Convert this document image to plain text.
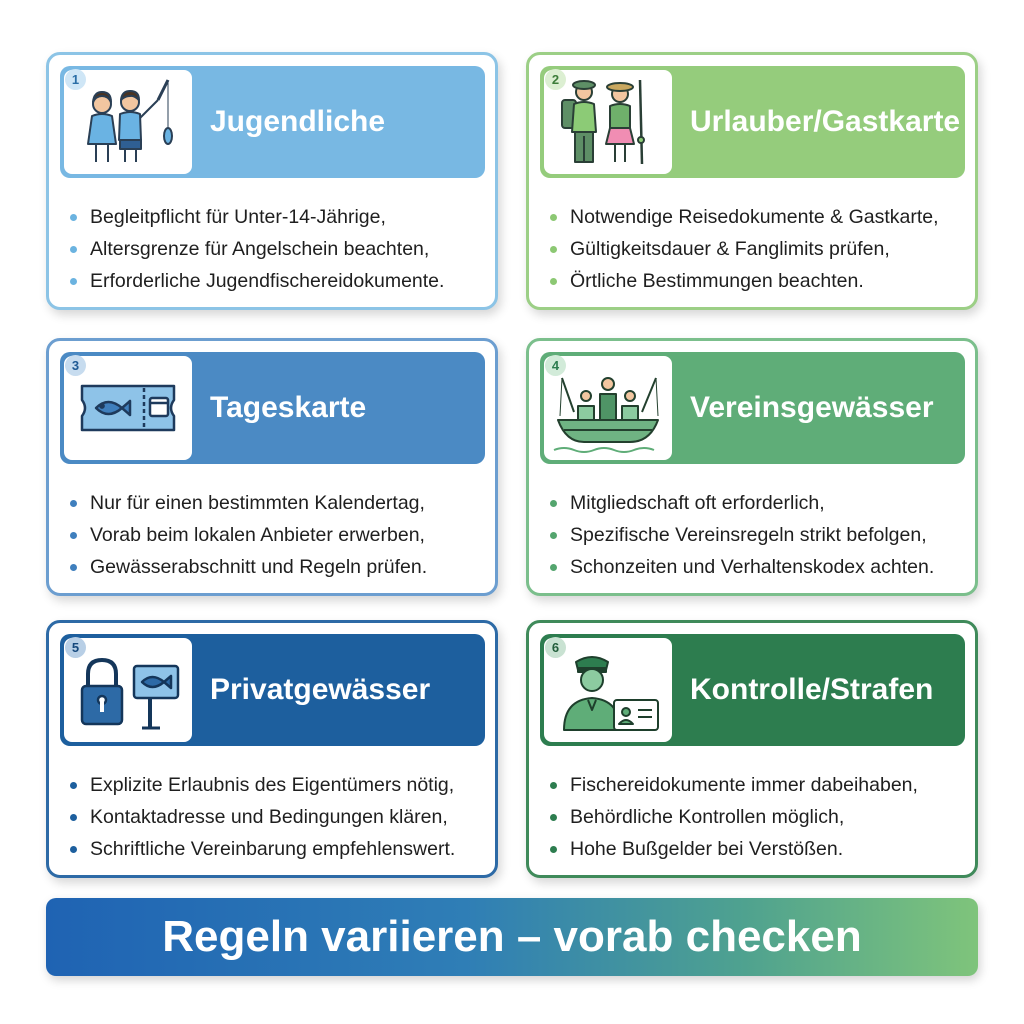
1
Jugendliche
Begleitpflicht für Unter-14-Jährige,
Altersgrenze für Angelschein beachten,
Erforderliche Jugendfischereidokumente.
2
Urlauber/Gastkarte
Notwendige Reisedokumente & Gastkarte,
Gültigkeitsdauer & Fanglimits prüfen,
Örtliche Bestimmungen beachten.
3
Tageskarte
Nur für einen bestimmten Kalendertag,
Vorab beim lokalen Anbieter erwerben,
Gewässerabschnitt und Regeln prüfen.
4
Vereinsgewässer
Mitgliedschaft oft erforderlich,
Spezifische Vereinsregeln strikt befolgen,
Schonzeiten und Verhaltenskodex achten.
5
Privatgewässer
Explizite Erlaubnis des Eigentümers nötig,
Kontaktadresse und Bedingungen klären,
Schriftliche Vereinbarung empfehlenswert.
6
Kontrolle/Strafen
Fischereidokumente immer dabeihaben,
Behördliche Kontrollen möglich,
Hohe Bußgelder bei Verstößen.
Regeln variieren – vorab checken
